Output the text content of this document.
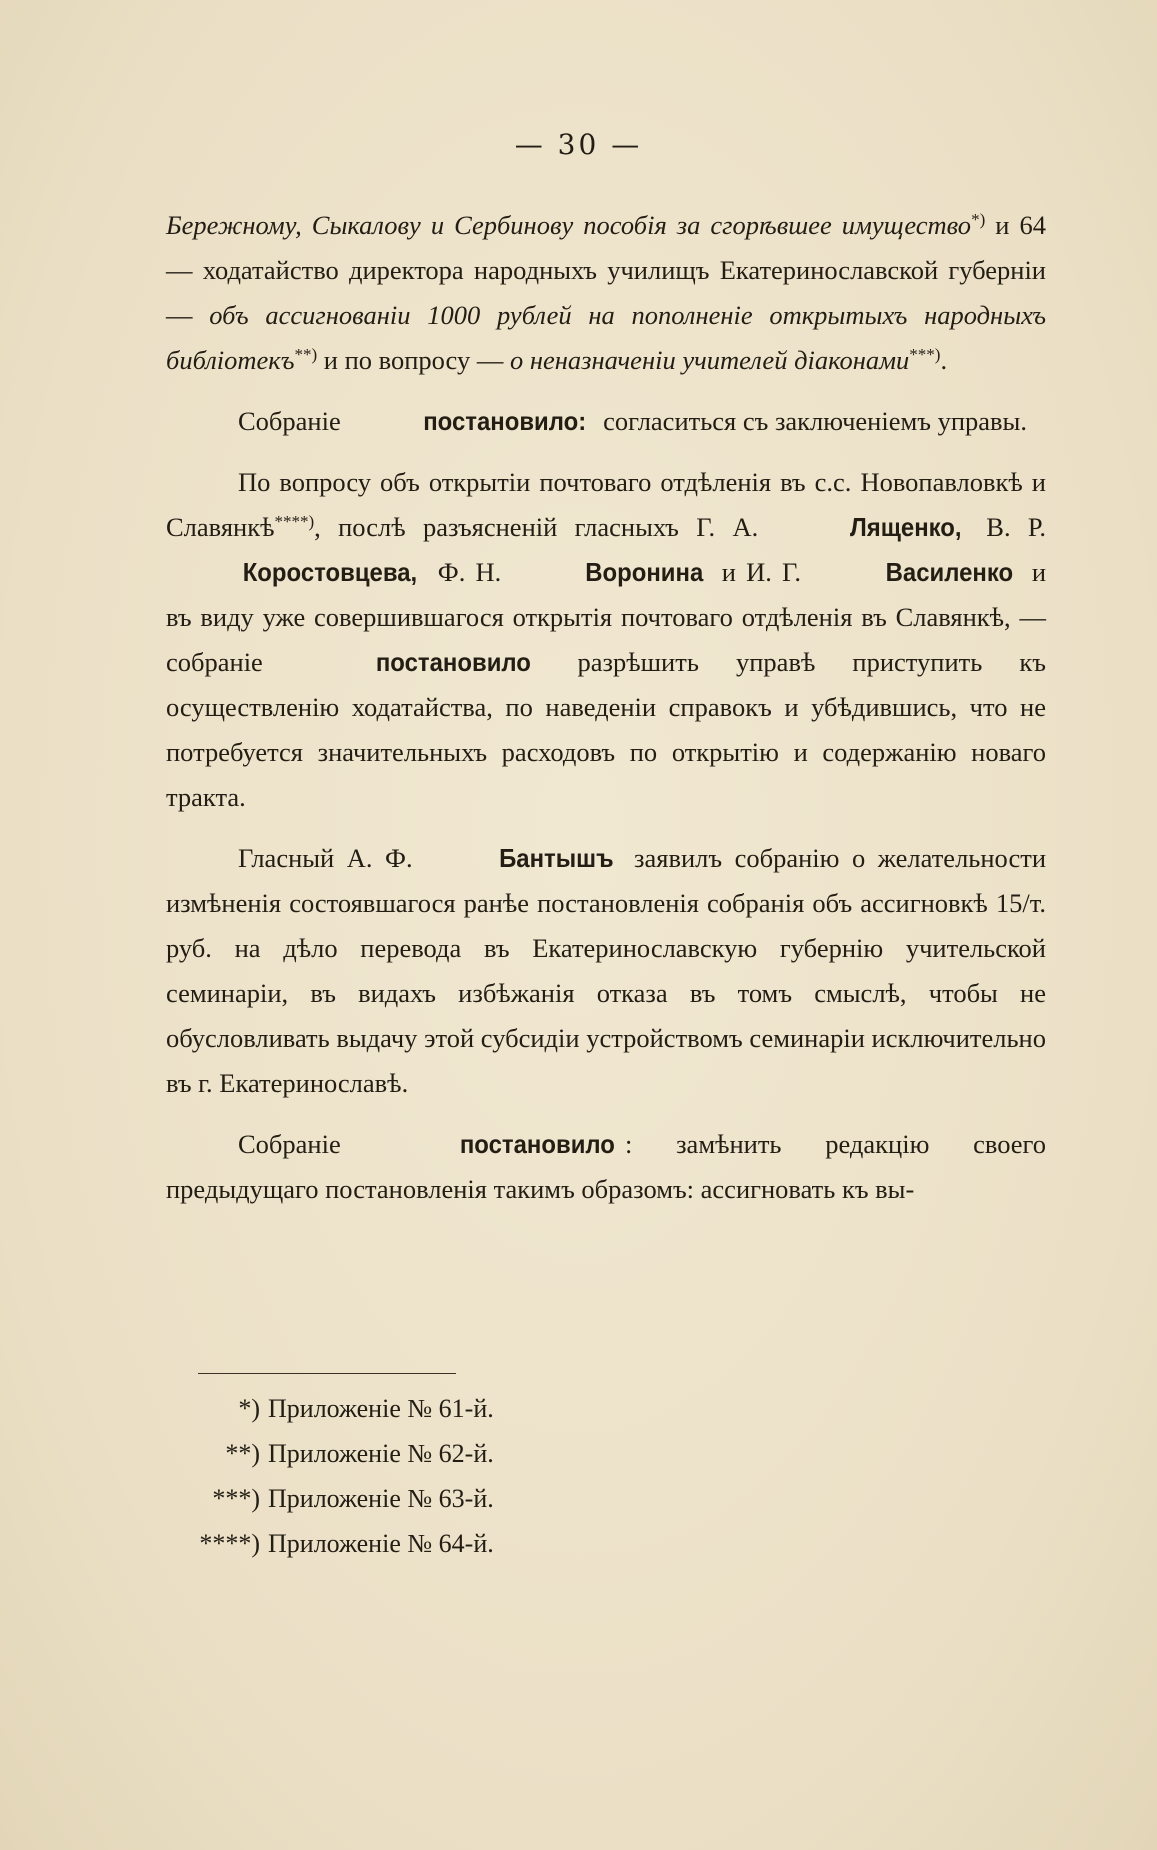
— 30 —

Бережному, Сыкалову и Сербинову пособія за сгорѣвшее имущество*) и 64 — ходатайство директора народныхъ училищъ Екатеринославской губерніи — объ ассигнованіи 1000 рублей на пополненіе открытыхъ народныхъ библіотекъ**) и по вопросу — о неназначеніи учителей діаконами***).

Собраніе	постановило: согласиться съ заключеніемъ управы.

По вопросу объ открытіи почтоваго отдѣленія въ с.с. Новопавловкѣ и Славянкѣ****), послѣ разъясненій гласныхъ Г. А.	Лященко, В. Р. Коростовцева, Ф. Н.	Воронина и И. Г.	Василенко и въ виду уже совершившагося открытія почтоваго отдѣленія въ Славянкѣ, — собраніе	постановило разрѣшить управѣ приступить къ осуществленію ходатайства, по наведеніи справокъ и убѣдившись, что не потребуется значительныхъ расходовъ по открытію и содержанію новаго тракта.

Гласный А. Ф.	Бантышъ заявилъ собранію о желательности измѣненія состоявшагося ранѣе постановленія собранія объ ассигновкѣ 15/т. руб. на дѣло перевода въ Екатеринославскую губернію учительской семинаріи, въ видахъ избѣжанія отказа въ томъ смыслѣ, чтобы не обусловливать выдачу этой субсидіи устройствомъ семинаріи исключительно въ г. Екатеринославѣ.

Собраніе	постановило : замѣнить редакцію своего предыдущаго постановленія такимъ образомъ: ассигновать къ вы-

*) Приложеніе № 61-й.
**) Приложеніе № 62-й.
***) Приложеніе № 63-й.
****) Приложеніе № 64-й.
